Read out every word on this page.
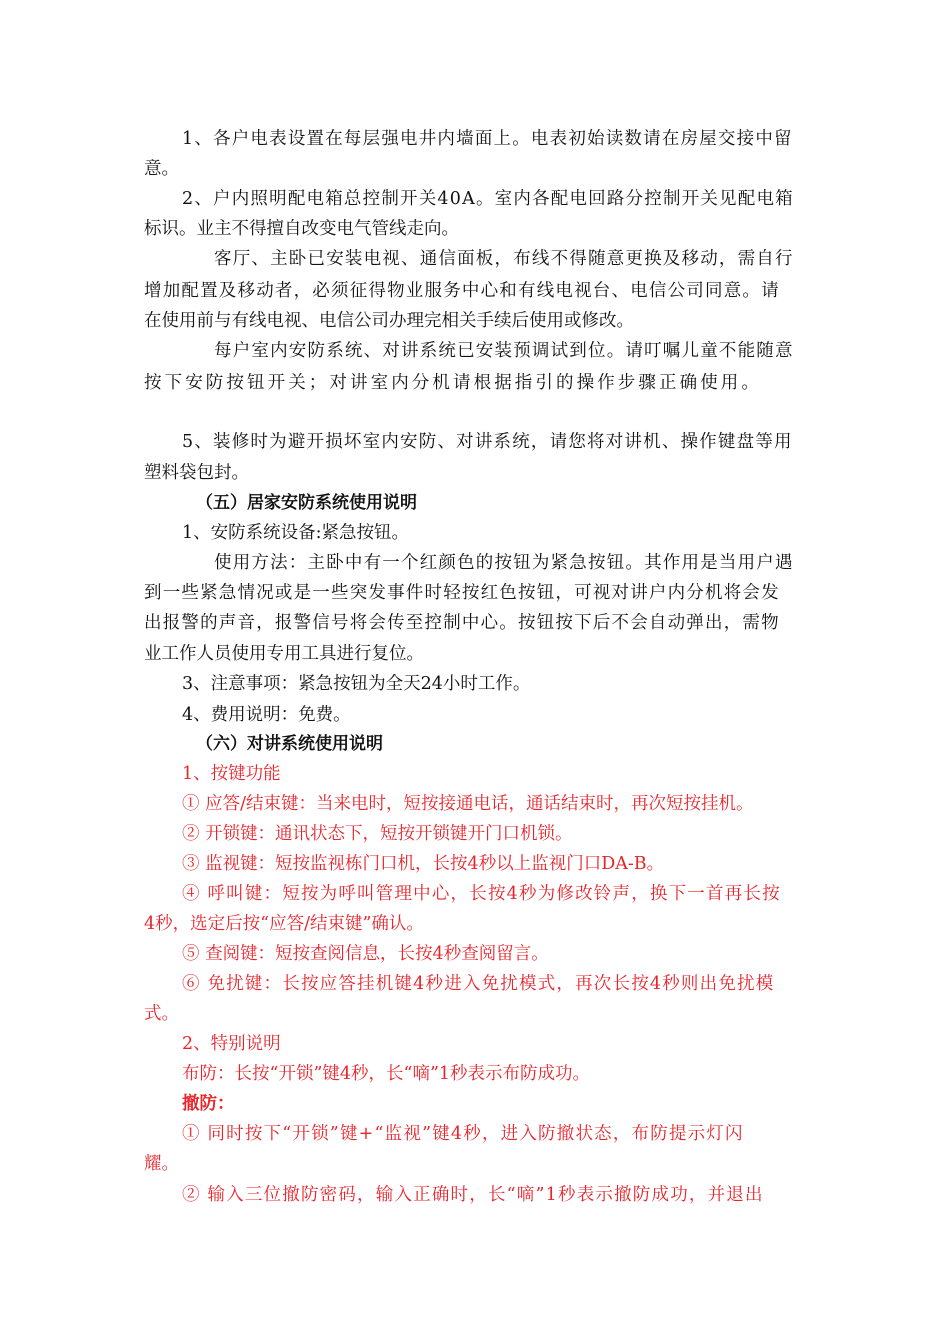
1、各户电表设置在每层强电井内墙面上。电表初始读数请在房屋交接中留
意。
2、户内照明配电箱总控制开关40A。室内各配电回路分控制开关见配电箱
标识。业主不得擅自改变电气管线走向。
客厅、主卧已安装电视、通信面板，布线不得随意更换及移动，需自行
增加配置及移动者，必须征得物业服务中心和有线电视台、电信公司同意。请
在使用前与有线电视、电信公司办理完相关手续后使用或修改。
每户室内安防系统、对讲系统已安装预调试到位。请叮嘱儿童不能随意
按下安防按钮开关；对讲室内分机请根据指引的操作步骤正确使用。
5、装修时为避开损坏室内安防、对讲系统，请您将对讲机、操作键盘等用
塑料袋包封。
（五）居家安防系统使用说明
1、安防系统设备:紧急按钮。
使用方法：主卧中有一个红颜色的按钮为紧急按钮。其作用是当用户遇
到一些紧急情况或是一些突发事件时轻按红色按钮，可视对讲户内分机将会发
出报警的声音，报警信号将会传至控制中心。按钮按下后不会自动弹出，需物
业工作人员使用专用工具进行复位。
3、注意事项：紧急按钮为全天24小时工作。
4、费用说明：免费。
（六）对讲系统使用说明
1、按键功能
① 应答/结束键：当来电时，短按接通电话，通话结束时，再次短按挂机。
② 开锁键：通讯状态下，短按开锁键开门口机锁。
③ 监视键：短按监视栋门口机，长按4秒以上监视门口DA-B。
④ 呼叫键：短按为呼叫管理中心，长按4秒为修改铃声，换下一首再长按
4秒，选定后按“应答/结束键”确认。
⑤ 查阅键：短按查阅信息，长按4秒查阅留言。
⑥ 免扰键：长按应答挂机键4秒进入免扰模式，再次长按4秒则出免扰模
式。
2、特别说明
布防：长按“开锁”键4秒，长“嘀”1秒表示布防成功。
撤防：
① 同时按下“开锁”键+“监视”键4秒，进入防撤状态，布防提示灯闪
耀。
② 输入三位撤防密码，输入正确时，长“嘀”1秒表示撤防成功，并退出
